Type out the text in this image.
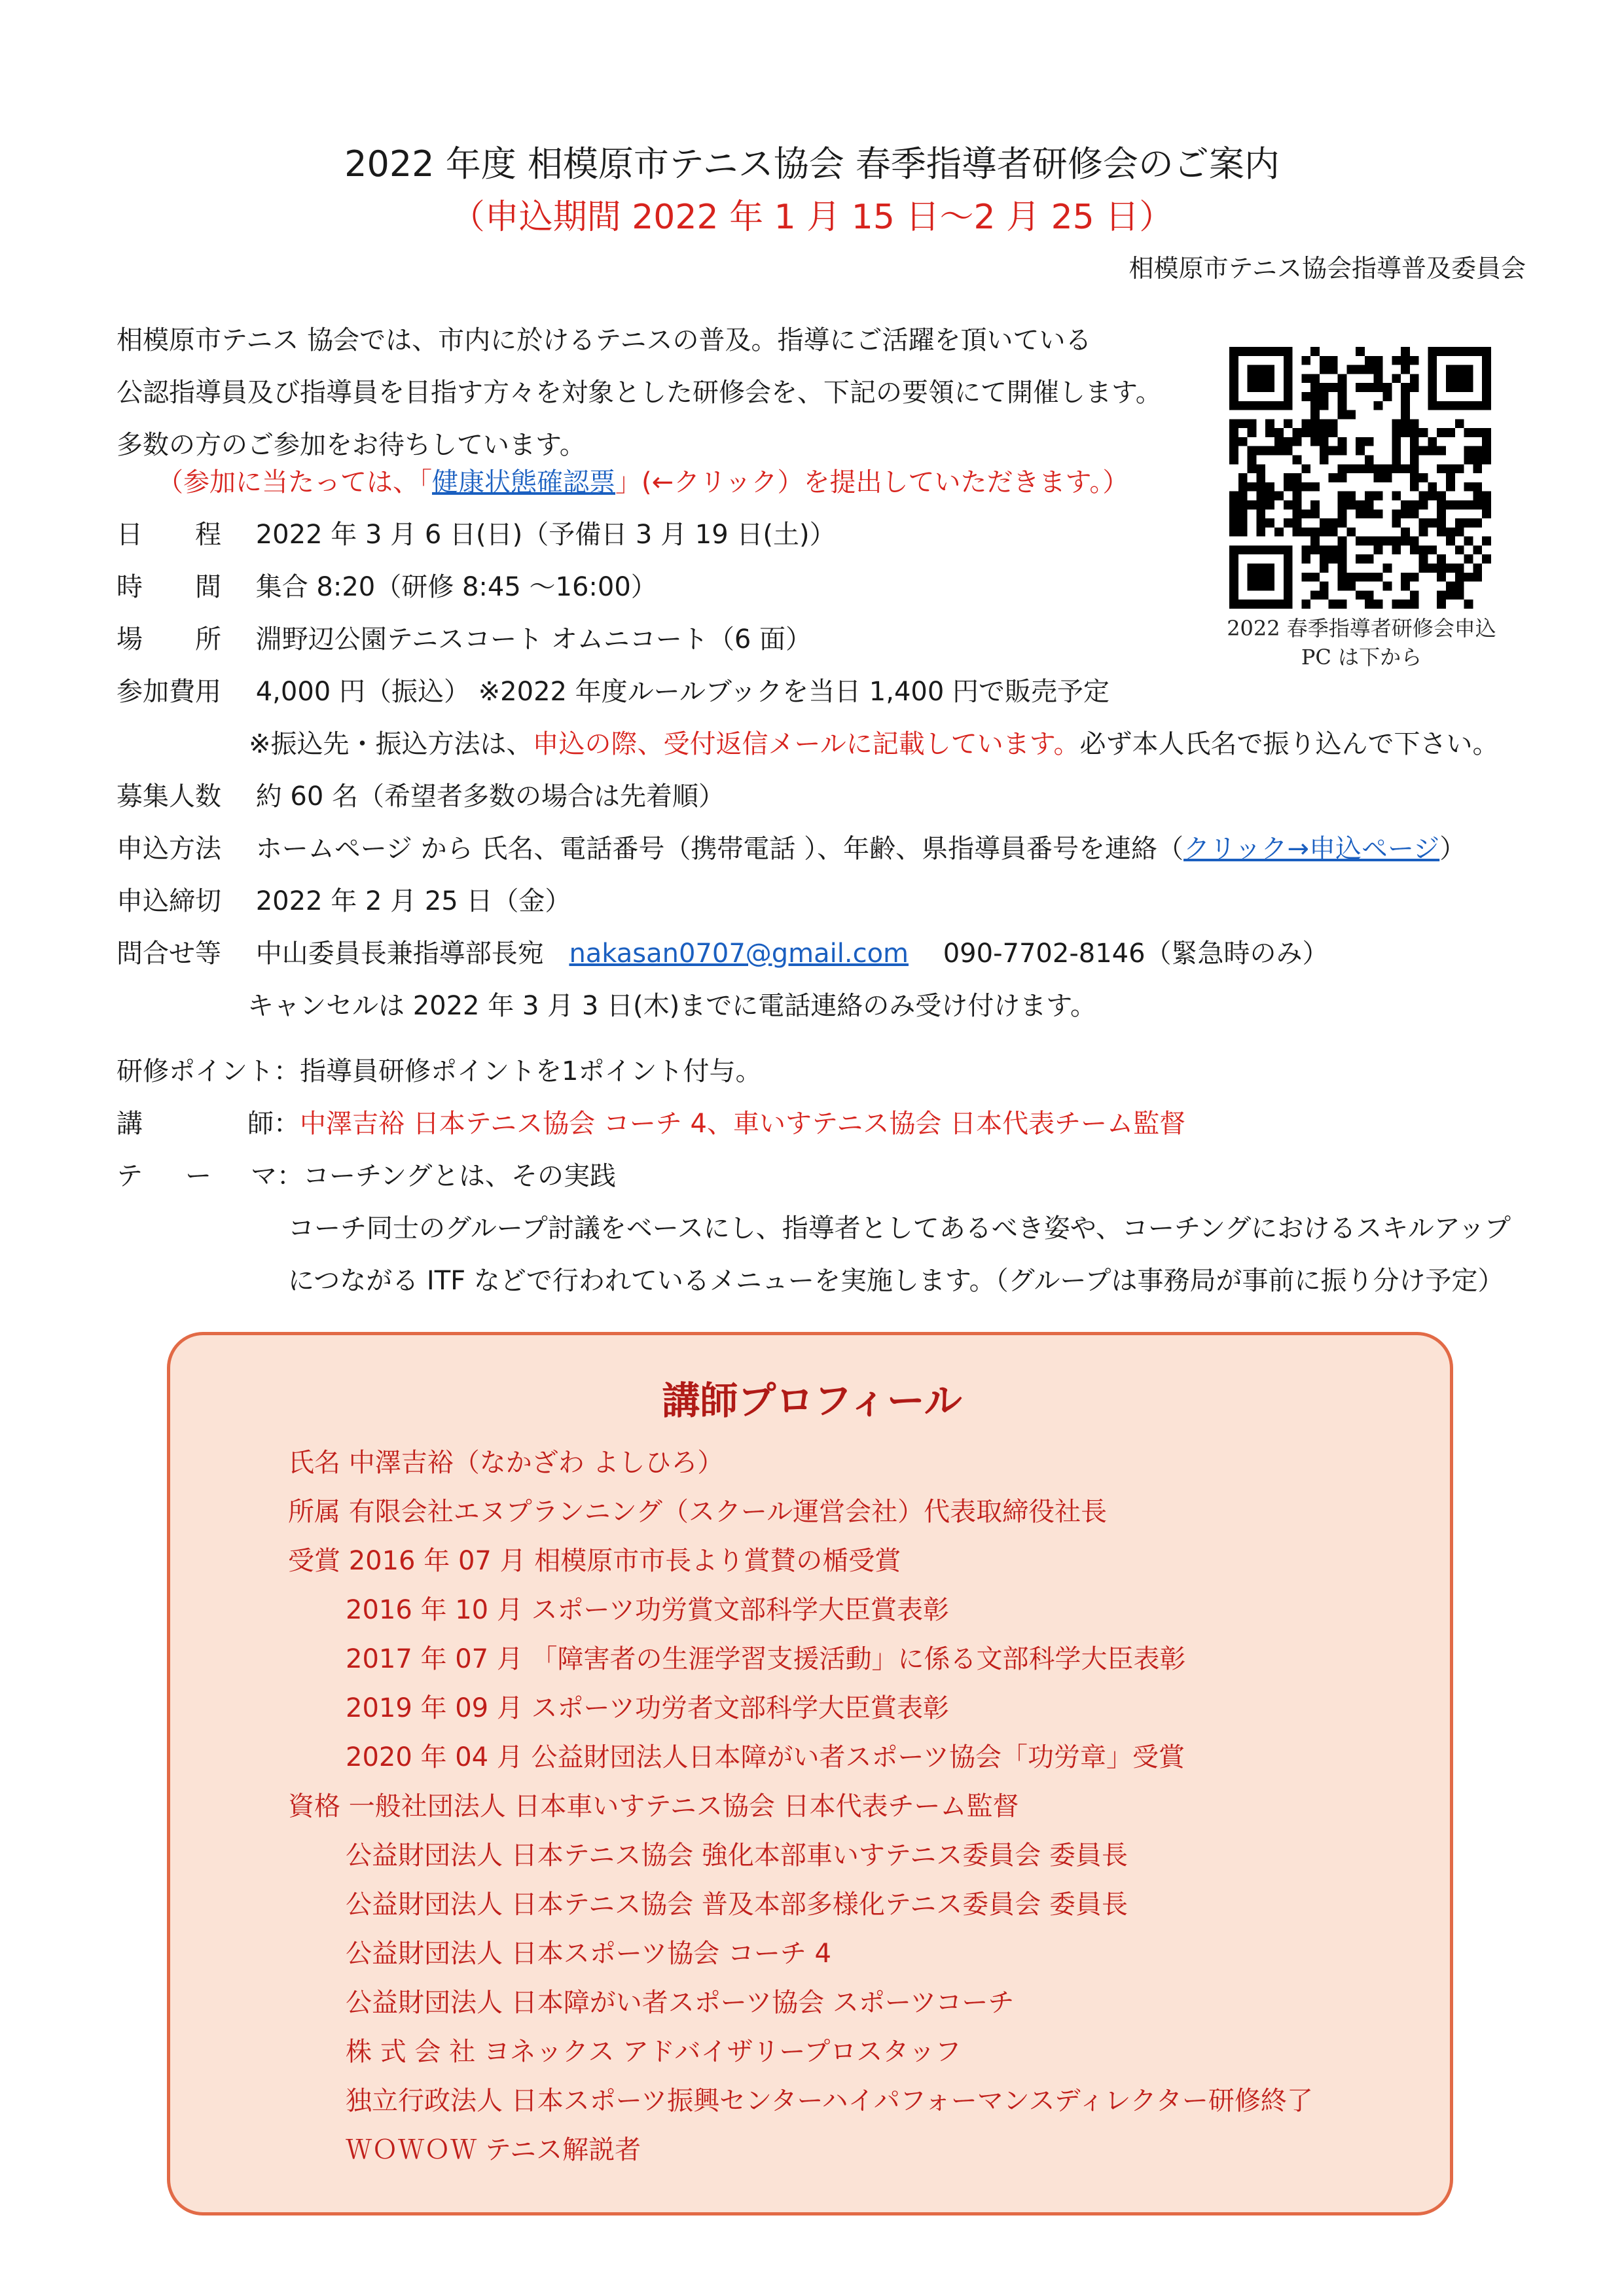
2022 年度 相模原市テニス協会 春季指導者研修会のご案内
（申込期間 2022 年 1 月 15 日～2 月 25 日）
相模原市テニス協会指導普及委員会
相模原市テニス 協会では、市内に於けるテニスの普及。指導にご活躍を頂いている
公認指導員及び指導員を目指す方々を対象とした研修会を、下記の要領にて開催します。
多数の方のご参加をお待ちしています。
（参加に当たっては、「健康状態確認票」(←クリック）を提出していただきます。）
日 程 2022 年 3 月 6 日(日)（予備日 3 月 19 日(土)）
時 間 集合 8:20（研修 8:45 ～16:00）
場 所 淵野辺公園テニスコート オムニコート（6 面）
参加費用 4,000 円（振込） ※2022 年度ルールブックを当日 1,400 円で販売予定
※振込先・振込方法は、申込の際、受付返信メールに記載しています。必ず本人氏名で振り込んで下さい。
募集人数 約 60 名（希望者多数の場合は先着順）
申込方法 ホームページ から 氏名、電話番号（携帯電話 ）、年齢、県指導員番号を連絡（クリック→申込ページ）
申込締切 2022 年 2 月 25 日（金）
問合せ等 中山委員長兼指導部長宛 nakasan0707@gmail.com 090-7702-8146（緊急時のみ）
キャンセルは 2022 年 3 月 3 日(木)までに電話連絡のみ受け付けます。
研修ポイント：指導員研修ポイントを1ポイント付与。
講	師：中澤吉裕 日本テニス協会 コーチ 4、車いすテニス協会 日本代表チーム監督
テ ー マ：コーチングとは、その実践
コーチ同士のグループ討議をベースにし、指導者としてあるべき姿や、コーチングにおけるスキルアップ
につながる ITF などで行われているメニューを実施します。（グループは事務局が事前に振り分け予定）
2022 春季指導者研修会申込
PC は下から
講師プロフィール
氏名 中澤吉裕（なかざわ よしひろ）
所属 有限会社エヌプランニング（スクール運営会社）代表取締役社長
受賞 2016 年 07 月 相模原市市長より賞賛の楯受賞
2016 年 10 月 スポーツ功労賞文部科学大臣賞表彰
2017 年 07 月 「障害者の生涯学習支援活動」に係る文部科学大臣表彰
2019 年 09 月 スポーツ功労者文部科学大臣賞表彰
2020 年 04 月 公益財団法人日本障がい者スポーツ協会「功労章」受賞
資格 一般社団法人 日本車いすテニス協会 日本代表チーム監督
公益財団法人 日本テニス協会 強化本部車いすテニス委員会 委員長
公益財団法人 日本テニス協会 普及本部多様化テニス委員会 委員長
公益財団法人 日本スポーツ協会 コーチ 4
公益財団法人 日本障がい者スポーツ協会 スポーツコーチ
株 式 会 社 ヨネックス アドバイザリープロスタッフ
独立行政法人 日本スポーツ振興センターハイパフォーマンスディレクター研修終了
ＷＯＷＯＷ テニス解説者
